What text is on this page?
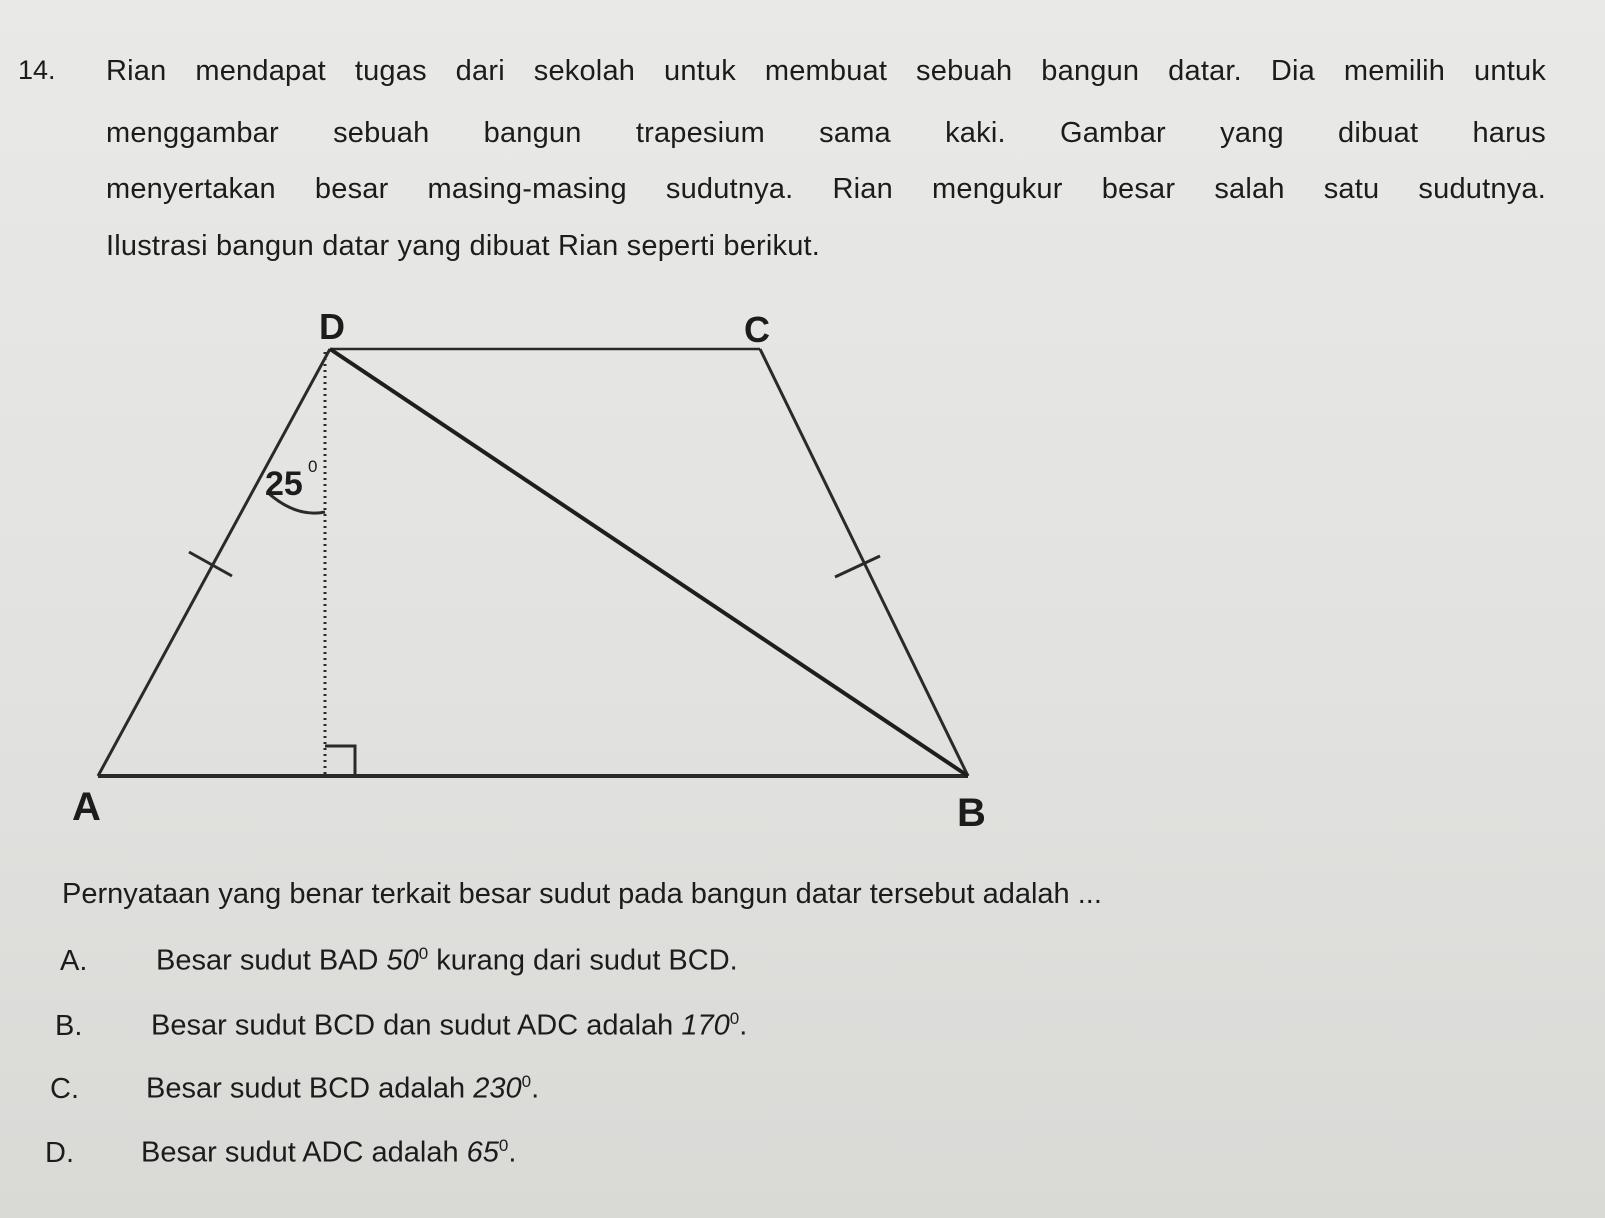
14. Rian mendapat tugas dari sekolah untuk membuat sebuah bangun datar. Dia memilih untuk
menggambar sebuah bangun trapesium sama kaki. Gambar yang dibuat harus
menyertakan besar masing-masing sudutnya. Rian mengukur besar salah satu sudutnya.
Ilustrasi bangun datar yang dibuat Rian seperti berikut.
D	C
A	B
25 0
Pernyataan yang benar terkait besar sudut pada bangun datar tersebut adalah ...
A. Besar sudut BAD $50^0$ kurang dari sudut BCD.
B. Besar sudut BCD dan sudut ADC adalah $170^0$.
C. Besar sudut BCD adalah $230^0$.
D. Besar sudut ADC adalah $65^0$.
